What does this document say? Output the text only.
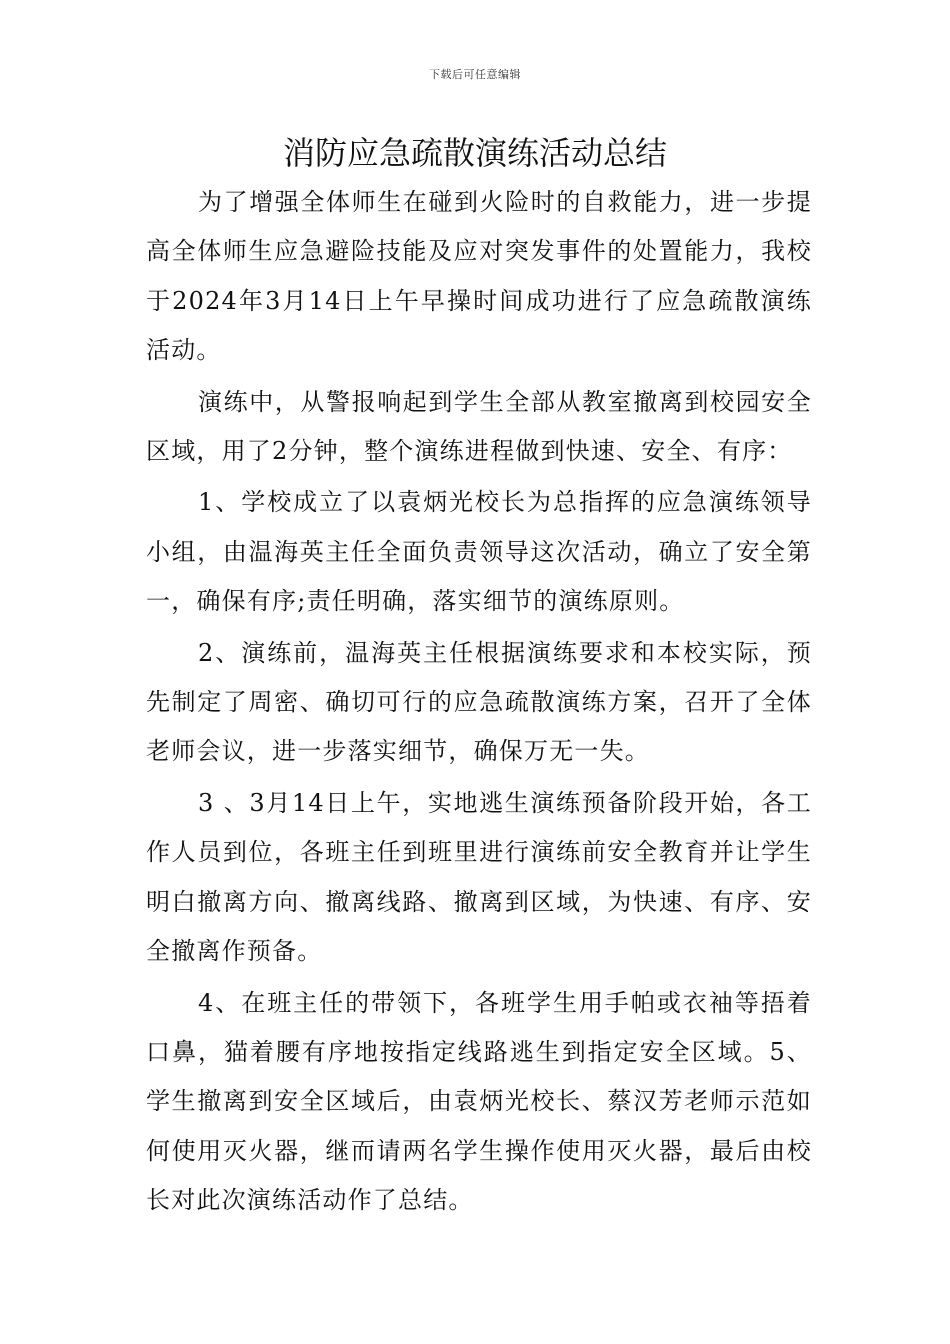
下载后可任意编辑
消防应急疏散演练活动总结

为了增强全体师生在碰到火险时的自救能力，进一步提高全体师生应急避险技能及应对突发事件的处置能力，我校于2024年3月14日上午早操时间成功进行了应急疏散演练活动。

演练中，从警报响起到学生全部从教室撤离到校园安全区域，用了2分钟，整个演练进程做到快速、安全、有序：

1、学校成立了以袁炳光校长为总指挥的应急演练领导小组，由温海英主任全面负责领导这次活动，确立了安全第一，确保有序;责任明确，落实细节的演练原则。

2、演练前，温海英主任根据演练要求和本校实际，预先制定了周密、确切可行的应急疏散演练方案，召开了全体老师会议，进一步落实细节，确保万无一失。

3 、3月14日上午，实地逃生演练预备阶段开始，各工作人员到位，各班主任到班里进行演练前安全教育并让学生明白撤离方向、撤离线路、撤离到区域，为快速、有序、安全撤离作预备。

4、在班主任的带领下，各班学生用手帕或衣袖等捂着口鼻，猫着腰有序地按指定线路逃生到指定安全区域。5、学生撤离到安全区域后，由袁炳光校长、蔡汉芳老师示范如何使用灭火器，继而请两名学生操作使用灭火器，最后由校长对此次演练活动作了总结。
